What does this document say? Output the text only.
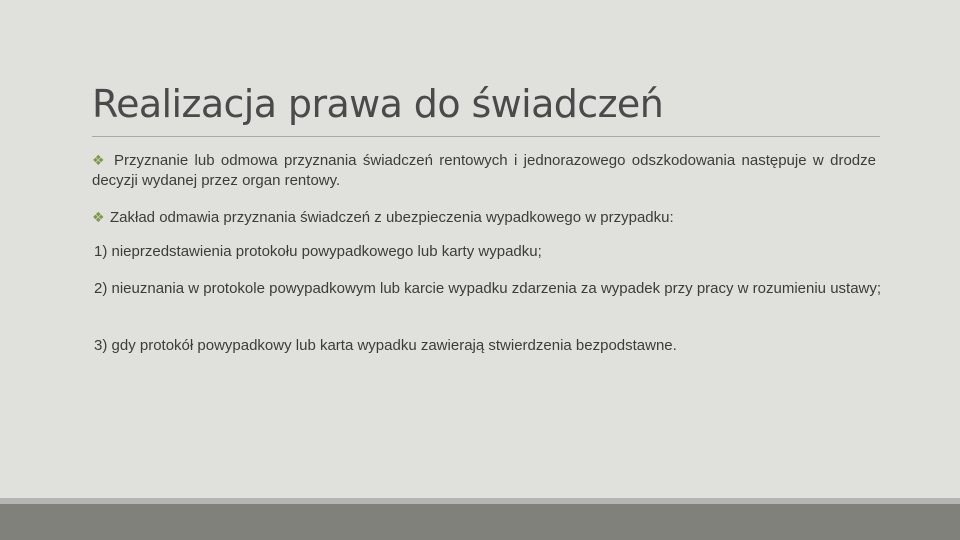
Realizacja prawa do świadczeń
❖ Przyznanie lub odmowa przyznania świadczeń rentowych i jednorazowego odszkodowania następuje w drodze decyzji wydanej przez organ rentowy.
❖ Zakład odmawia przyznania świadczeń z ubezpieczenia wypadkowego w przypadku:
1) nieprzedstawienia protokołu powypadkowego lub karty wypadku;
2) nieuznania w protokole powypadkowym lub karcie wypadku zdarzenia za wypadek przy pracy w rozumieniu ustawy;
3) gdy protokół powypadkowy lub karta wypadku zawierają stwierdzenia bezpodstawne.
